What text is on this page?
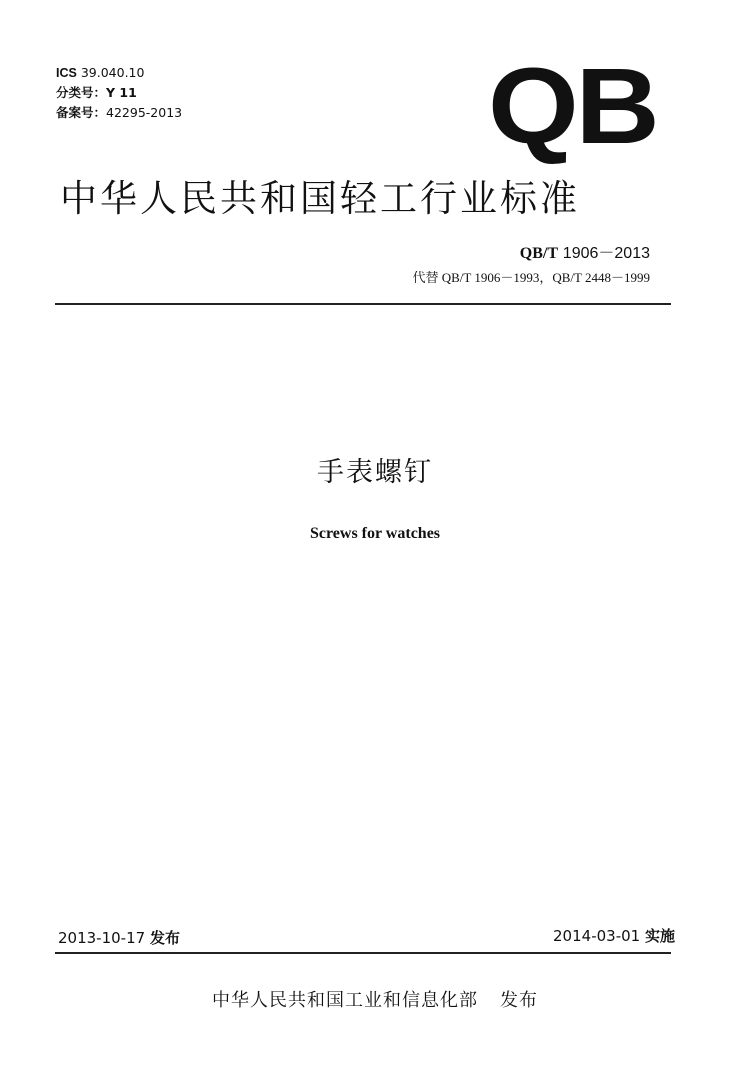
ICS 39.040.10
分类号：Y 11
备案号：42295-2013	QB
中华人民共和国轻工行业标准
QB/T 1906－2013
代替 QB/T 1906－1993，QB/T 2448－1999
手表螺钉
Screws for watches
2013-10-17 发布	2014-03-01 实施
中华人民共和国工业和信息化部 发布
